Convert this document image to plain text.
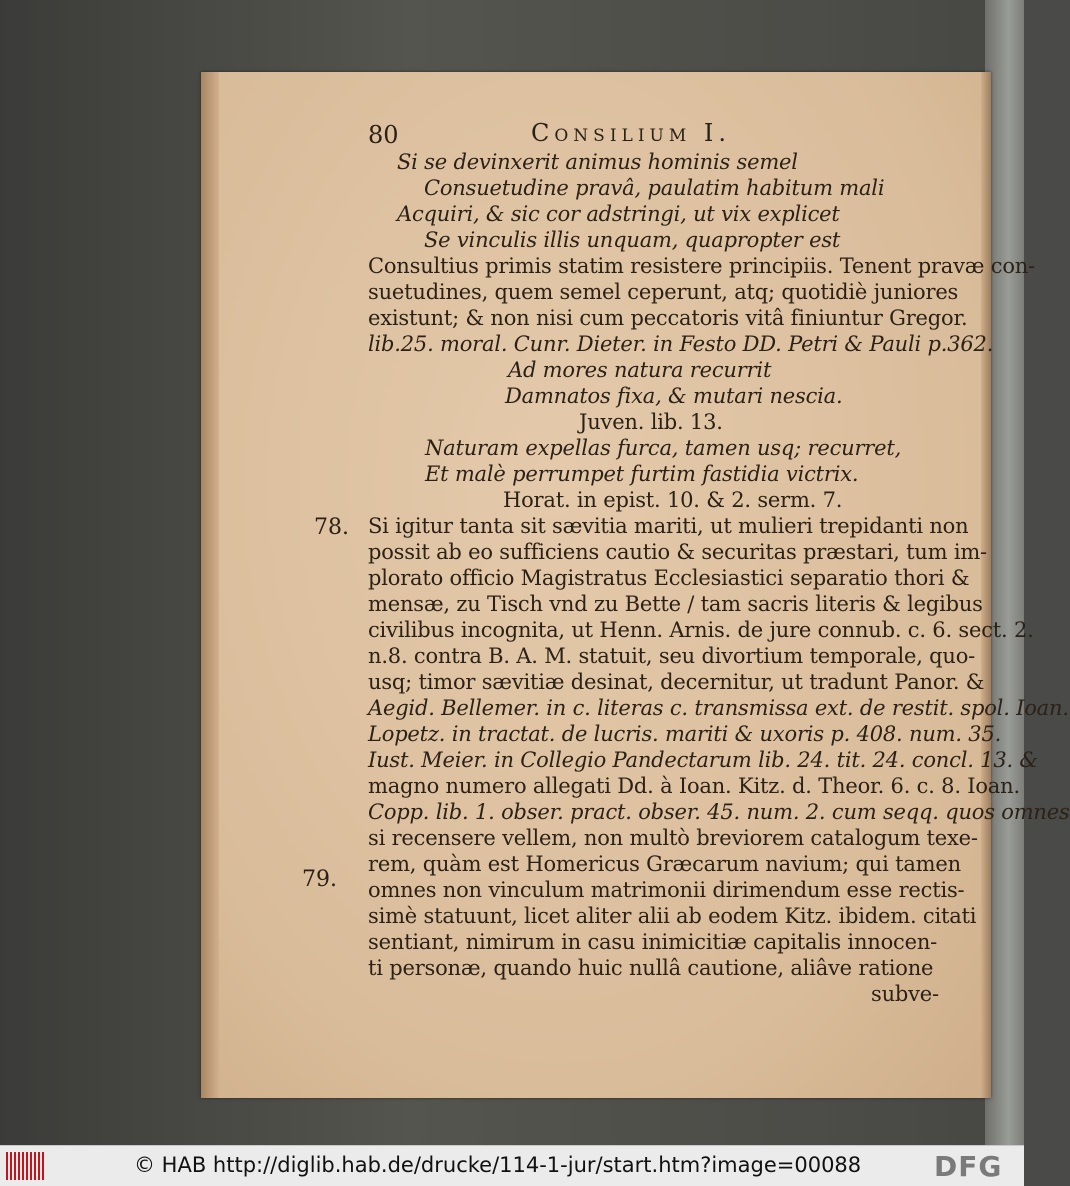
80	Consilium I.
78.
79.
Si se devinxerit animus hominis semel
Consuetudine pravâ, paulatim habitum mali
Acquiri, & sic cor adstringi, ut vix explicet
Se vinculis illis unquam, quapropter est
Consultius primis statim resistere principiis. Tenent pravæ con-
suetudines, quem semel ceperunt, atq; quotidiè juniores
existunt; & non nisi cum peccatoris vitâ finiuntur Gregor.
lib.25. moral. Cunr. Dieter. in Festo DD. Petri & Pauli p.362.
Ad mores natura recurrit
Damnatos fixa, & mutari nescia.
Juven. lib. 13.
Naturam expellas furca, tamen usq; recurret,
Et malè perrumpet furtim fastidia victrix.
Horat. in epist. 10. & 2. serm. 7.
Si igitur tanta sit sævitia mariti, ut mulieri trepidanti non
possit ab eo sufficiens cautio & securitas præstari, tum im-
plorato officio Magistratus Ecclesiastici separatio thori &
mensæ, zu Tisch vnd zu Bette / tam sacris literis & legibus
civilibus incognita, ut Henn. Arnis. de jure connub. c. 6. sect. 2.
n.8. contra B. A. M. statuit, seu divortium temporale, quo-
usq; timor sævitiæ desinat, decernitur, ut tradunt Panor. &
Aegid. Bellemer. in c. literas c. transmissa ext. de restit. spol. Ioan.
Lopetz. in tractat. de lucris. mariti & uxoris p. 408. num. 35.
Iust. Meier. in Collegio Pandectarum lib. 24. tit. 24. concl. 13. &
magno numero allegati Dd. à Ioan. Kitz. d. Theor. 6. c. 8. Ioan.
Copp. lib. 1. obser. pract. obser. 45. num. 2. cum seqq. quos omnes
si recensere vellem, non multò breviorem catalogum texe-
rem, quàm est Homericus Græcarum navium; qui tamen
omnes non vinculum matrimonii dirimendum esse rectis-
simè statuunt, licet aliter alii ab eodem Kitz. ibidem. citati
sentiant, nimirum in casu inimicitiæ capitalis innocen-
ti personæ, quando huic nullâ cautione, aliâve ratione
subve-
© HAB http://diglib.hab.de/drucke/114-1-jur/start.htm?image=00088	DFG
